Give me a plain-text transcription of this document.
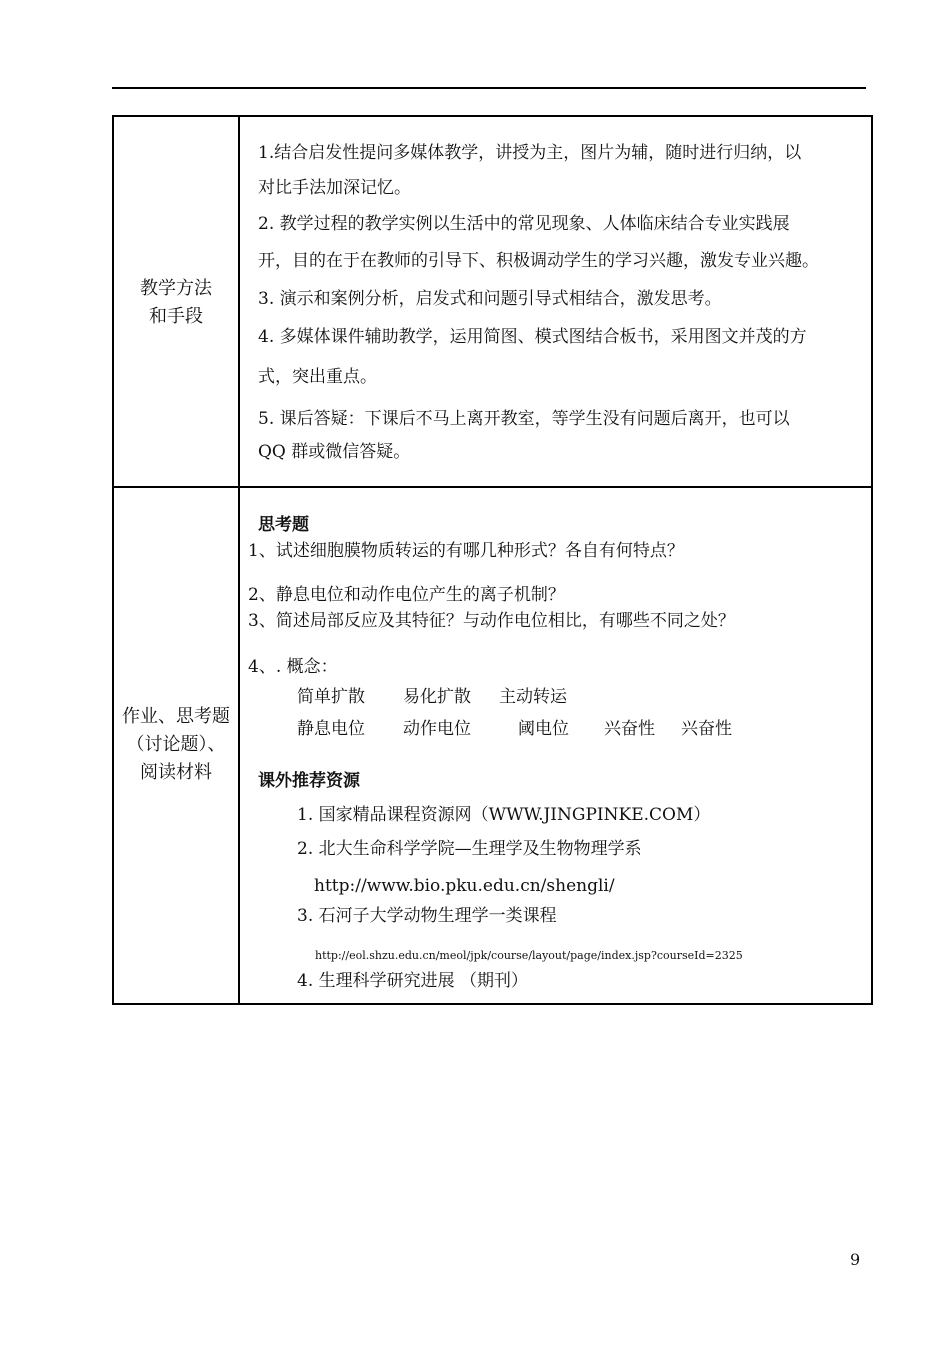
教学方法
和手段
作业、思考题
（讨论题）、
阅读材料
1.结合启发性提问多媒体教学，讲授为主，图片为辅，随时进行归纳，以
对比手法加深记忆。
2. 教学过程的教学实例以生活中的常见现象、人体临床结合专业实践展
开，目的在于在教师的引导下、积极调动学生的学习兴趣，激发专业兴趣。
3. 演示和案例分析，启发式和问题引导式相结合，激发思考。
4. 多媒体课件辅助教学，运用简图、模式图结合板书，采用图文并茂的方
式，突出重点。
5. 课后答疑：下课后不马上离开教室，等学生没有问题后离开，也可以
QQ 群或微信答疑。
思考题
1、试述细胞膜物质转运的有哪几种形式？各自有何特点？
2、静息电位和动作电位产生的离子机制？
3、简述局部反应及其特征？与动作电位相比，有哪些不同之处？
4、. 概念：
简单扩散 易化扩散 主动转运
静息电位 动作电位	阈电位 兴奋性 兴奋性
课外推荐资源
1. 国家精品课程资源网（WWW.JINGPINKE.COM）
2. 北大生命科学学院—生理学及生物物理学系
http://www.bio.pku.edu.cn/shengli/
3. 石河子大学动物生理学一类课程
http://eol.shzu.edu.cn/meol/jpk/course/layout/page/index.jsp?courseId=2325
4. 生理科学研究进展 （期刊）
9
